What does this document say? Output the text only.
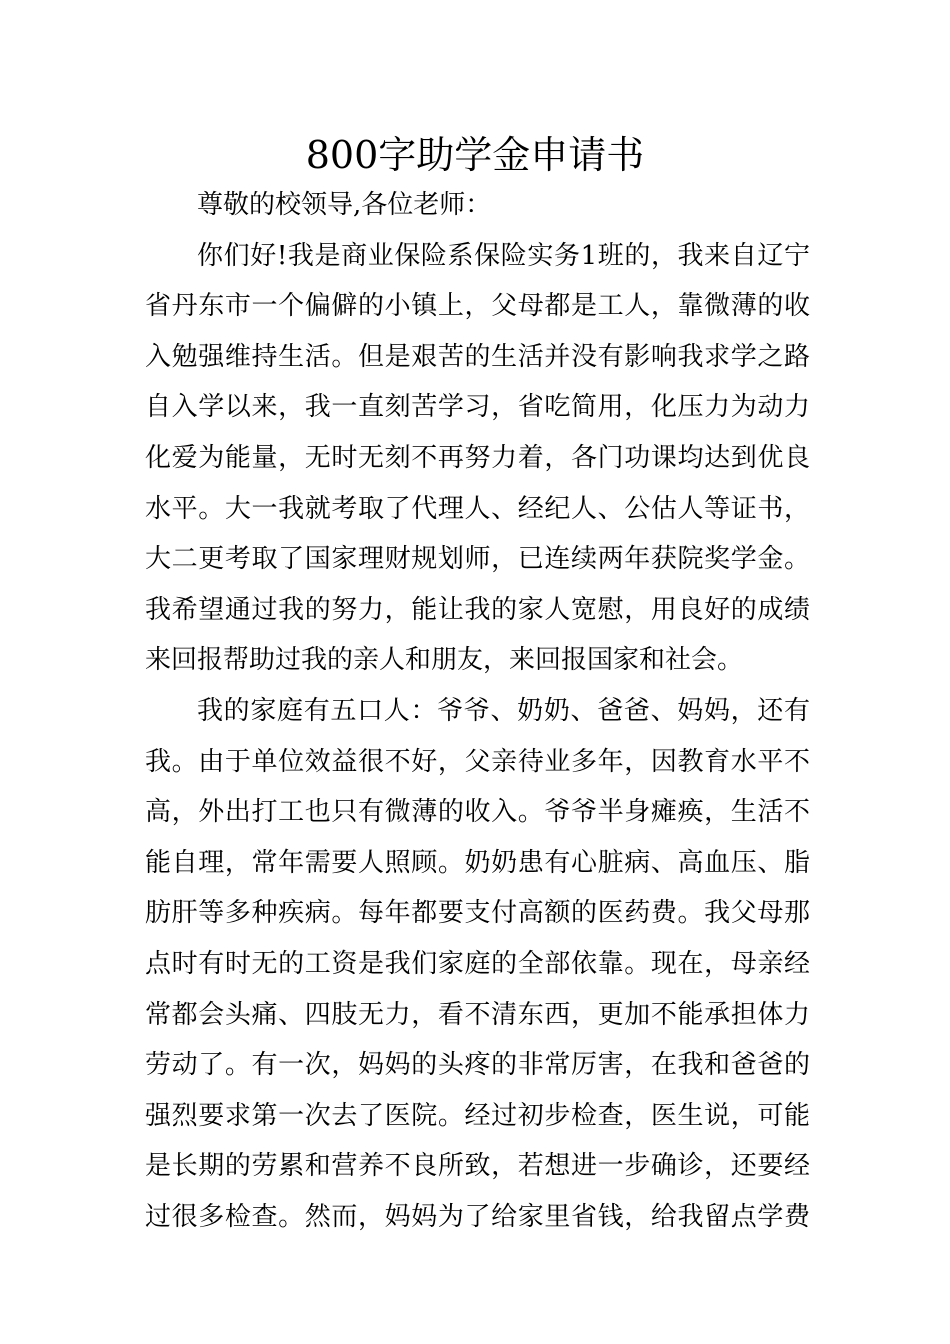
800字助学金申请书
尊敬的校领导,各位老师：
你们好!我是商业保险系保险实务1班的，我来自辽宁
省丹东市一个偏僻的小镇上，父母都是工人，靠微薄的收
入勉强维持生活。但是艰苦的生活并没有影响我求学之路
自入学以来，我一直刻苦学习，省吃简用，化压力为动力
化爱为能量，无时无刻不再努力着，各门功课均达到优良
水平。大一我就考取了代理人、经纪人、公估人等证书，
大二更考取了国家理财规划师，已连续两年获院奖学金。
我希望通过我的努力，能让我的家人宽慰，用良好的成绩
来回报帮助过我的亲人和朋友，来回报国家和社会。
我的家庭有五口人：爷爷、奶奶、爸爸、妈妈，还有
我。由于单位效益很不好，父亲待业多年，因教育水平不
高，外出打工也只有微薄的收入。爷爷半身瘫痪，生活不
能自理，常年需要人照顾。奶奶患有心脏病、高血压、脂
肪肝等多种疾病。每年都要支付高额的医药费。我父母那
点时有时无的工资是我们家庭的全部依靠。现在，母亲经
常都会头痛、四肢无力，看不清东西，更加不能承担体力
劳动了。有一次，妈妈的头疼的非常厉害，在我和爸爸的
强烈要求第一次去了医院。经过初步检查，医生说，可能
是长期的劳累和营养不良所致，若想进一步确诊，还要经
过很多检查。然而，妈妈为了给家里省钱，给我留点学费
